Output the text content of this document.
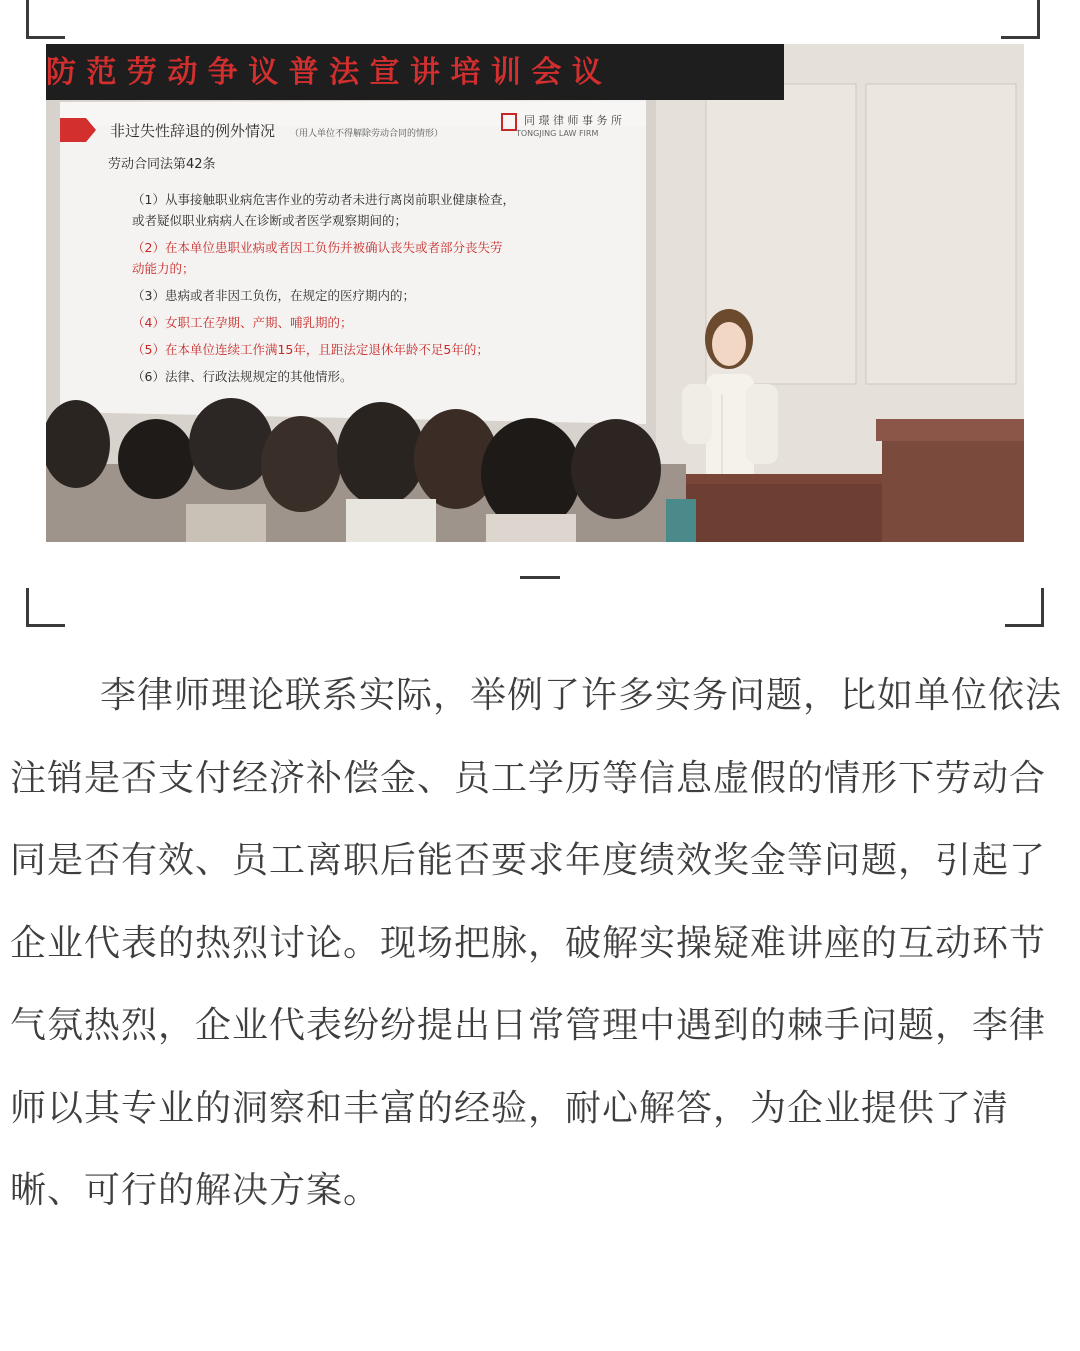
防 范 劳 动 争 议 普 法 宣 讲 培 训 会 议
非过失性辞退的例外情况 （用人单位不得解除劳动合同的情形）
同 璟 律 师 事 务 所
TONGJING LAW FIRM
劳动合同法第42条
（1）从事接触职业病危害作业的劳动者未进行离岗前职业健康检查，
或者疑似职业病病人在诊断或者医学观察期间的；
（2）在本单位患职业病或者因工负伤并被确认丧失或者部分丧失劳
动能力的；
（3）患病或者非因工负伤，在规定的医疗期内的；
（4）女职工在孕期、产期、哺乳期的；
（5）在本单位连续工作满15年，且距法定退休年龄不足5年的；
（6）法律、行政法规规定的其他情形。

李律师理论联系实际，举例了许多实务问题，比如单位依法注销是否支付经济补偿金、员工学历等信息虚假的情形下劳动合同是否有效、员工离职后能否要求年度绩效奖金等问题，引起了企业代表的热烈讨论。现场把脉，破解实操疑难讲座的互动环节气氛热烈，企业代表纷纷提出日常管理中遇到的棘手问题，李律师以其专业的洞察和丰富的经验，耐心解答，为企业提供了清晰、可行的解决方案。
